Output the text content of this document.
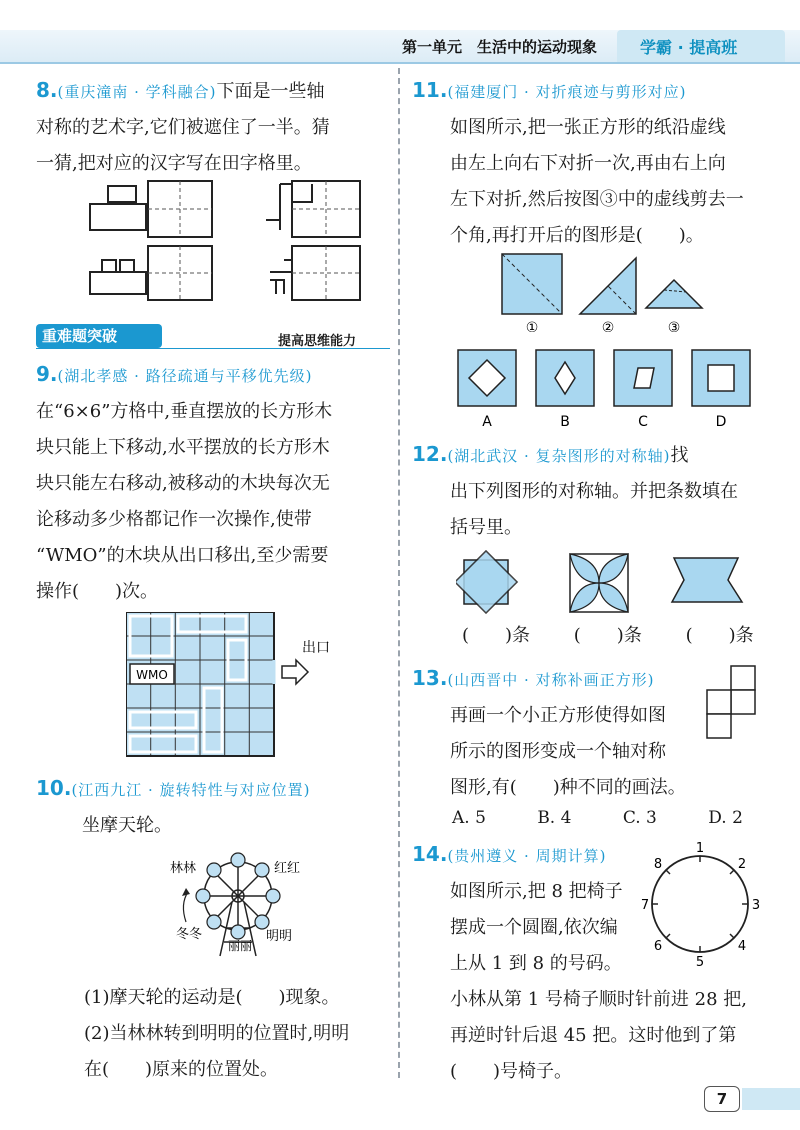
第一单元　生活中的运动现象	学霸 · 提高班

8.(重庆潼南 · 学科融合)下面是一些轴

对称的艺术字,它们被遮住了一半。猜

一猜,把对应的汉字写在田字格里。

重难题突破	提高思维能力

9.(湖北孝感 · 路径疏通与平移优先级)

在“6×6”方格中,垂直摆放的长方形木

块只能上下移动,水平摆放的长方形木

块只能左右移动,被移动的木块每次无

论移动多少格都记作一次操作,使带

“WMO”的木块从出口移出,至少需要

操作(　　)次。

WMO
出口

10.(江西九江 · 旋转特性与对应位置)

坐摩天轮。

林林	红红
明明
丽丽
冬冬

(1)摩天轮的运动是(　　)现象。

(2)当林林转到明明的位置时,明明

在(　　)原来的位置处。

11.(福建厦门 · 对折痕迹与剪形对应)

如图所示,把一张正方形的纸沿虚线

由左上向右下对折一次,再由右上向

左下对折,然后按图③中的虚线剪去一

个角,再打开后的图形是(　　)。

①	②	③
A	B	C	D

12.(湖北武汉 · 复杂图形的对称轴)找

出下列图形的对称轴。并把条数填在

括号里。

(　　)条 (　　)条 (　　)条

13.(山西晋中 · 对称补画正方形)

再画一个小正方形使得如图

所示的图形变成一个轴对称

图形,有(　　)种不同的画法。

A. 5	B. 4	C. 3	D. 2

14.(贵州遵义 · 周期计算)

如图所示,把 8 把椅子

摆成一个圆圈,依次编

上从 1 到 8 的号码。

小林从第 1 号椅子顺时针前进 28 把,

再逆时针后退 45 把。这时他到了第

(　　)号椅子。

1
2
3
4
5
6
7
8
7
